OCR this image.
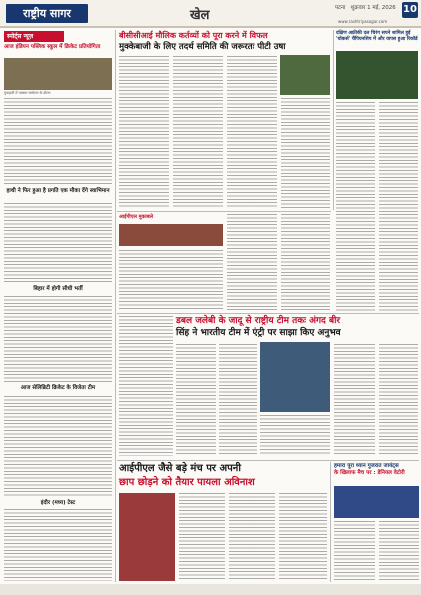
राष्ट्रीय सागर	खेल	पटना शुक्रवार 1 मई, 2026 10
www.rashtriyasagar.com
स्पोर्ट्स न्यूज़
आज इंडियन पब्लिक स्कूल में क्रिकेट प्रतियोगिता
गुवाहाटी में पत्रकार सम्मेलन के दौरान
हाथी ने फिर हुआ है प्रगति एक मौका देंगे स्वाभिमान
बिहार में होगी सीधी भर्ती
आज सेलिब्रिटी क्रिकेट के विजेता टीम
इंदौर (मध्य) टेस्ट
बीसीसीआई मौलिक कर्तव्यों को पूरा करने में विफल
मुक्केबाजी के लिए तदर्थ समिति की जरूरतः पीटी उषा
दक्षिण अफ्रीकी दल चिरंग सपने शामिल हुई 'चोकर्स' चैंपियनशिप में और वापस हुआ रिकॉर्ड
आईपीएल मुकाबले
डबल जलेबी के जादू से राष्ट्रीय टीम तकः अंगद बीर
सिंह ने भारतीय टीम में एंट्री पर साझा किए अनुभव
आईपीएल जैसे बड़े मंच पर अपनी
छाप छोड़ने को तैयार पायला अविनाश
हमारा पूरा ध्यान गुजरात जायंट्स
के खिलाफ मैच पर : डेनियल वेटोरी
